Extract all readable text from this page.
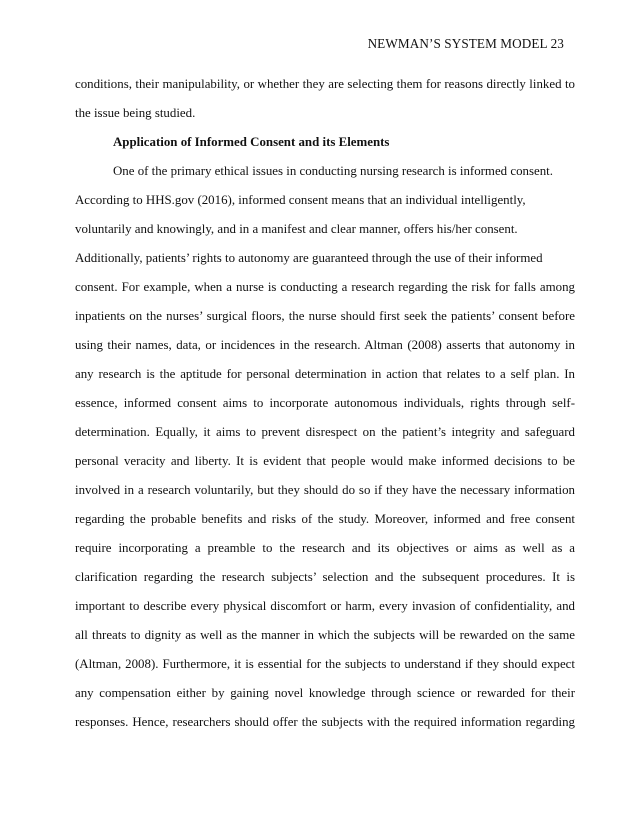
NEWMAN’S SYSTEM MODEL 23
conditions, their manipulability, or whether they are selecting them for reasons directly linked to
the issue being studied.
Application of Informed Consent and its Elements
One of the primary ethical issues in conducting nursing research is informed consent.
According to HHS.gov (2016), informed consent means that an individual intelligently,
voluntarily and knowingly, and in a manifest and clear manner, offers his/her consent.
Additionally, patients’ rights to autonomy are guaranteed through the use of their informed
consent. For example, when a nurse is conducting a research regarding the risk for falls among
inpatients on the nurses’ surgical floors, the nurse should first seek the patients’ consent before
using their names, data, or incidences in the research. Altman (2008) asserts that autonomy in
any research is the aptitude for personal determination in action that relates to a self plan. In
essence, informed consent aims to incorporate autonomous individuals, rights through self-
determination. Equally, it aims to prevent disrespect on the patient’s integrity and safeguard
personal veracity and liberty. It is evident that people would make informed decisions to be
involved in a research voluntarily, but they should do so if they have the necessary information
regarding the probable benefits and risks of the study. Moreover, informed and free consent
require incorporating a preamble to the research and its objectives or aims as well as a
clarification regarding the research subjects’ selection and the subsequent procedures. It is
important to describe every physical discomfort or harm, every invasion of confidentiality, and
all threats to dignity as well as the manner in which the subjects will be rewarded on the same
(Altman, 2008). Furthermore, it is essential for the subjects to understand if they should expect
any compensation either by gaining novel knowledge through science or rewarded for their
responses. Hence, researchers should offer the subjects with the required information regarding
